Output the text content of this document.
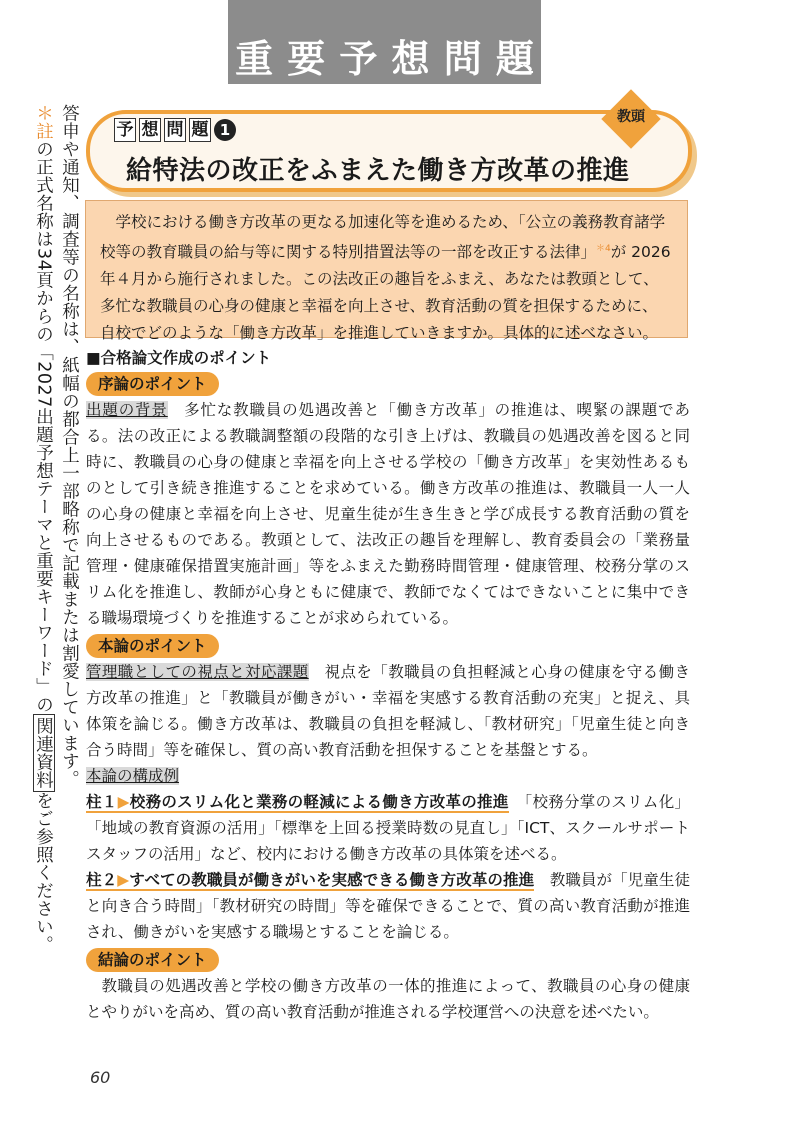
重 要 予 想 問 題
答申や通知、調査等の名称は、紙幅の都合上一部略称で記載または割愛しています。
＊註の正式名称は34頁からの「2027出題予想テーマと重要キーワード」の関連資料をご参照ください。
予 想 問 題 1
給特法の改正をふまえた働き方改革の推進
教頭
学校における働き方改革の更なる加速化等を進めるため、「公立の義務教育諸学校等の教育職員の給与等に関する特別措置法等の一部を改正する法律」$^{*4}$が 2026 年４月から施行されました。この法改正の趣旨をふまえ、あなたは教頭として、多忙な教職員の心身の健康と幸福を向上させ、教育活動の質を担保するために、自校でどのような「働き方改革」を推進していきますか。具体的に述べなさい。

■合格論文作成のポイント

序論のポイント

出題の背景　 多忙な教職員の処遇改善と「働き方改革」の推進は、喫緊の課題である。法の改正による教職調整額の段階的な引き上げは、教職員の処遇改善を図ると同時に、教職員の心身の健康と幸福を向上させる学校の「働き方改革」を実効性あるものとして引き続き推進することを求めている。働き方改革の推進は、教職員一人一人の心身の健康と幸福を向上させ、児童生徒が生き生きと学び成長する教育活動の質を向上させるものである。教頭として、法改正の趣旨を理解し、教育委員会の「業務量管理・健康確保措置実施計画」等をふまえた勤務時間管理・健康管理、校務分掌のスリム化を推進し、教師が心身ともに健康で、教師でなくてはできないことに集中できる職場環境づくりを推進することが求められている。

本論のポイント

管理職としての視点と対応課題　 視点を「教職員の負担軽減と心身の健康を守る働き方改革の推進」と「教職員が働きがい・幸福を実感する教育活動の充実」と捉え、具体策を論じる。働き方改革は、教職員の負担を軽減し、「教材研究」「児童生徒と向き合う時間」等を確保し、質の高い教育活動を担保することを基盤とする。

本論の構成例

柱１▶校務のスリム化と業務の軽減による働き方改革の推進　 「校務分掌のスリム化」「地域の教育資源の活用」「標準を上回る授業時数の見直し」「ICT、スクールサポートスタッフの活用」など、校内における働き方改革の具体策を述べる。

柱２▶すべての教職員が働きがいを実感できる働き方改革の推進　 教職員が「児童生徒と向き合う時間」「教材研究の時間」等を確保できることで、質の高い教育活動が推進され、働きがいを実感する職場とすることを論じる。

結論のポイント

教職員の処遇改善と学校の働き方改革の一体的推進によって、教職員の心身の健康とやりがいを高め、質の高い教育活動が推進される学校運営への決意を述べたい。

60
